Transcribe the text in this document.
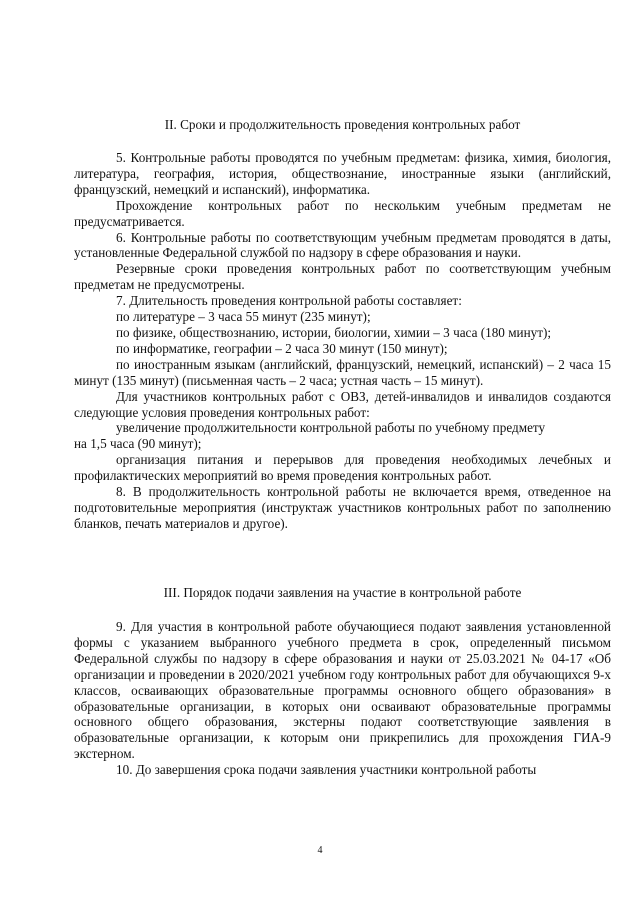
II. Сроки и продолжительность проведения контрольных работ

5. Контрольные работы проводятся по учебным предметам: физика, химия, биология, литература, география, история, обществознание, иностранные языки (английский, французский, немецкий и испанский), информатика.

Прохождение контрольных работ по нескольким учебным предметам не предусматривается.

6. Контрольные работы по соответствующим учебным предметам проводятся в даты, установленные Федеральной службой по надзору в сфере образования и науки.

Резервные сроки проведения контрольных работ по соответствующим учебным предметам не предусмотрены.

7. Длительность проведения контрольной работы составляет:

по литературе – 3 часа 55 минут (235 минут);

по физике, обществознанию, истории, биологии, химии – 3 часа (180 минут);

по информатике, географии – 2 часа 30 минут (150 минут);

по иностранным языкам (английский, французский, немецкий, испанский) – 2 часа 15 минут (135 минут) (письменная часть – 2 часа; устная часть – 15 минут).

Для участников контрольных работ с ОВЗ, детей-инвалидов и инвалидов создаются следующие условия проведения контрольных работ:

увеличение продолжительности контрольной работы по учебному предмету

на 1,5 часа (90 минут);

организация питания и перерывов для проведения необходимых лечебных и профилактических мероприятий во время проведения контрольных работ.

8. В продолжительность контрольной работы не включается время, отведенное на подготовительные мероприятия (инструктаж участников контрольных работ по заполнению бланков, печать материалов и другое).

III. Порядок подачи заявления на участие в контрольной работе

9. Для участия в контрольной работе обучающиеся подают заявления установленной формы с указанием выбранного учебного предмета в срок, определенный письмом Федеральной службы по надзору в сфере образования и науки от 25.03.2021 № 04-17 «Об организации и проведении в 2020/2021 учебном году контрольных работ для обучающихся 9-х классов, осваивающих образовательные программы основного общего образования» в образовательные организации, в которых они осваивают образовательные программы основного общего образования, экстерны подают соответствующие заявления в образовательные организации, к которым они прикрепились для прохождения ГИА-9 экстерном.

10. До завершения срока подачи заявления участники контрольной работы

4
